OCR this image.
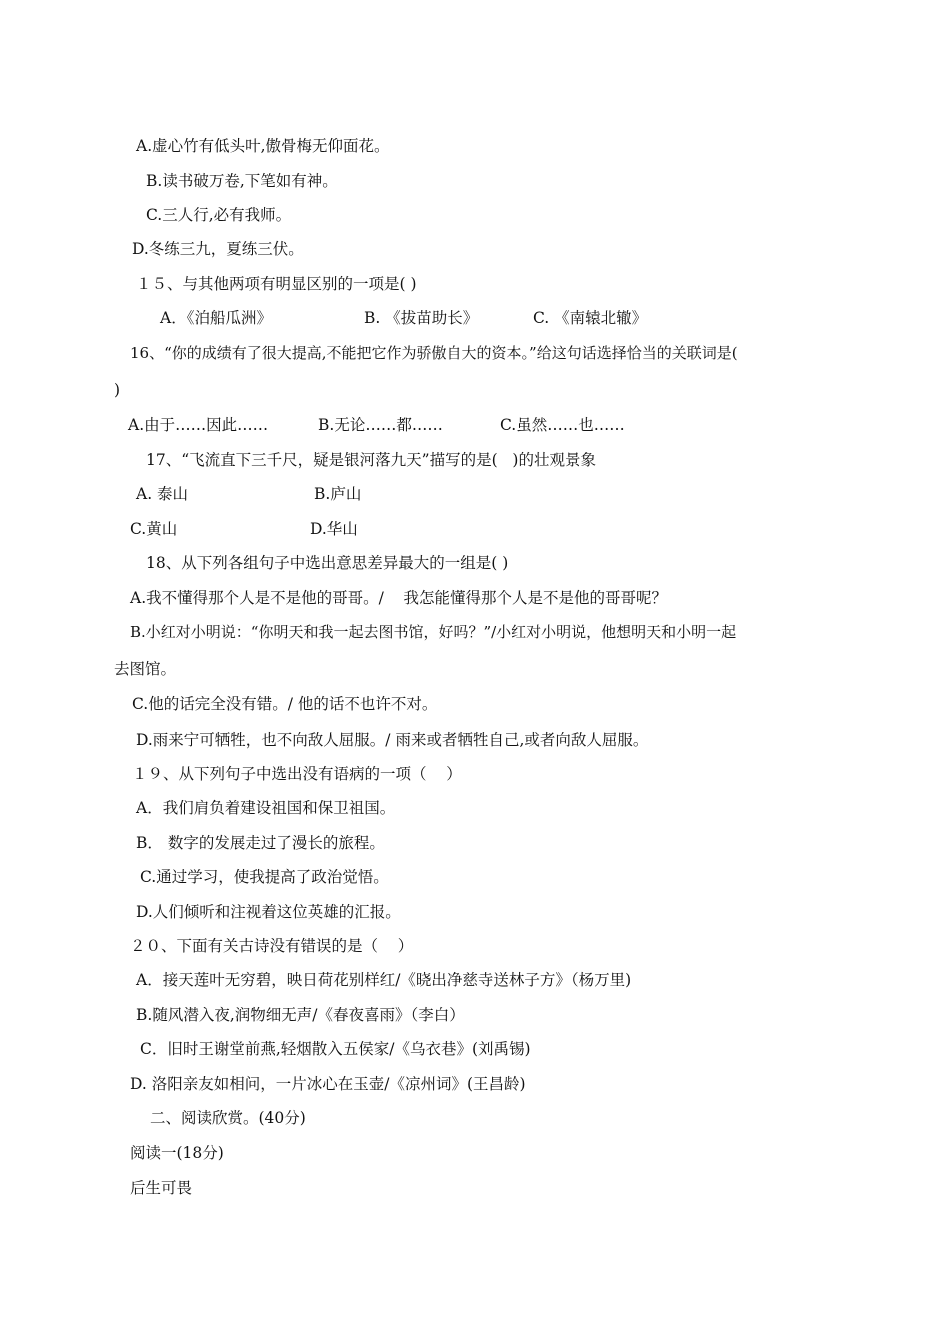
A.虚心竹有低头叶,傲骨梅无仰面花。
B.读书破万卷,下笔如有神。
C.三人行,必有我师。
D.冬练三九，夏练三伏。
１５、与其他两项有明显区别的一项是( )
A．《泊船瓜洲》	B. 《拔苗助长》	C. 《南辕北辙》
16、“你的成绩有了很大提高,不能把它作为骄傲自大的资本。”给这句话选择恰当的关联词是(
)
A.由于……因此……	B.无论……都……	C.虽然……也……
17、“飞流直下三千尺，疑是银河落九天”描写的是(   )的壮观景象
A. 泰山	B.庐山
C.黄山	D.华山
18、从下列各组句子中选出意思差异最大的一组是( )
A.我不懂得那个人是不是他的哥哥。/    我怎能懂得那个人是不是他的哥哥呢？
B.小红对小明说：“你明天和我一起去图书馆，好吗？”/小红对小明说，他想明天和小明一起
去图馆。
C.他的话完全没有错。/ 他的话不也许不对。
D.雨来宁可牺牲，也不向敌人屈服。/ 雨来或者牺牲自己,或者向敌人屈服。
１９、从下列句子中选出没有语病的一项（    ）
A．我们肩负着建设祖国和保卫祖国。
B． 数字的发展走过了漫长的旅程。
C.通过学习，使我提高了政治觉悟。
D.人们倾听和注视着这位英雄的汇报。
２０、下面有关古诗没有错误的是（    ）
A．接天莲叶无穷碧，映日荷花别样红/《晓出净慈寺送林子方》（杨万里)
B.随风潜入夜,润物细无声/《春夜喜雨》（李白）
C．旧时王谢堂前燕,轻烟散入五侯家/《乌衣巷》(刘禹锡)
D. 洛阳亲友如相问，一片冰心在玉壶/《凉州词》(王昌龄)
二、阅读欣赏。(40分)
阅读一(18分)
后生可畏
